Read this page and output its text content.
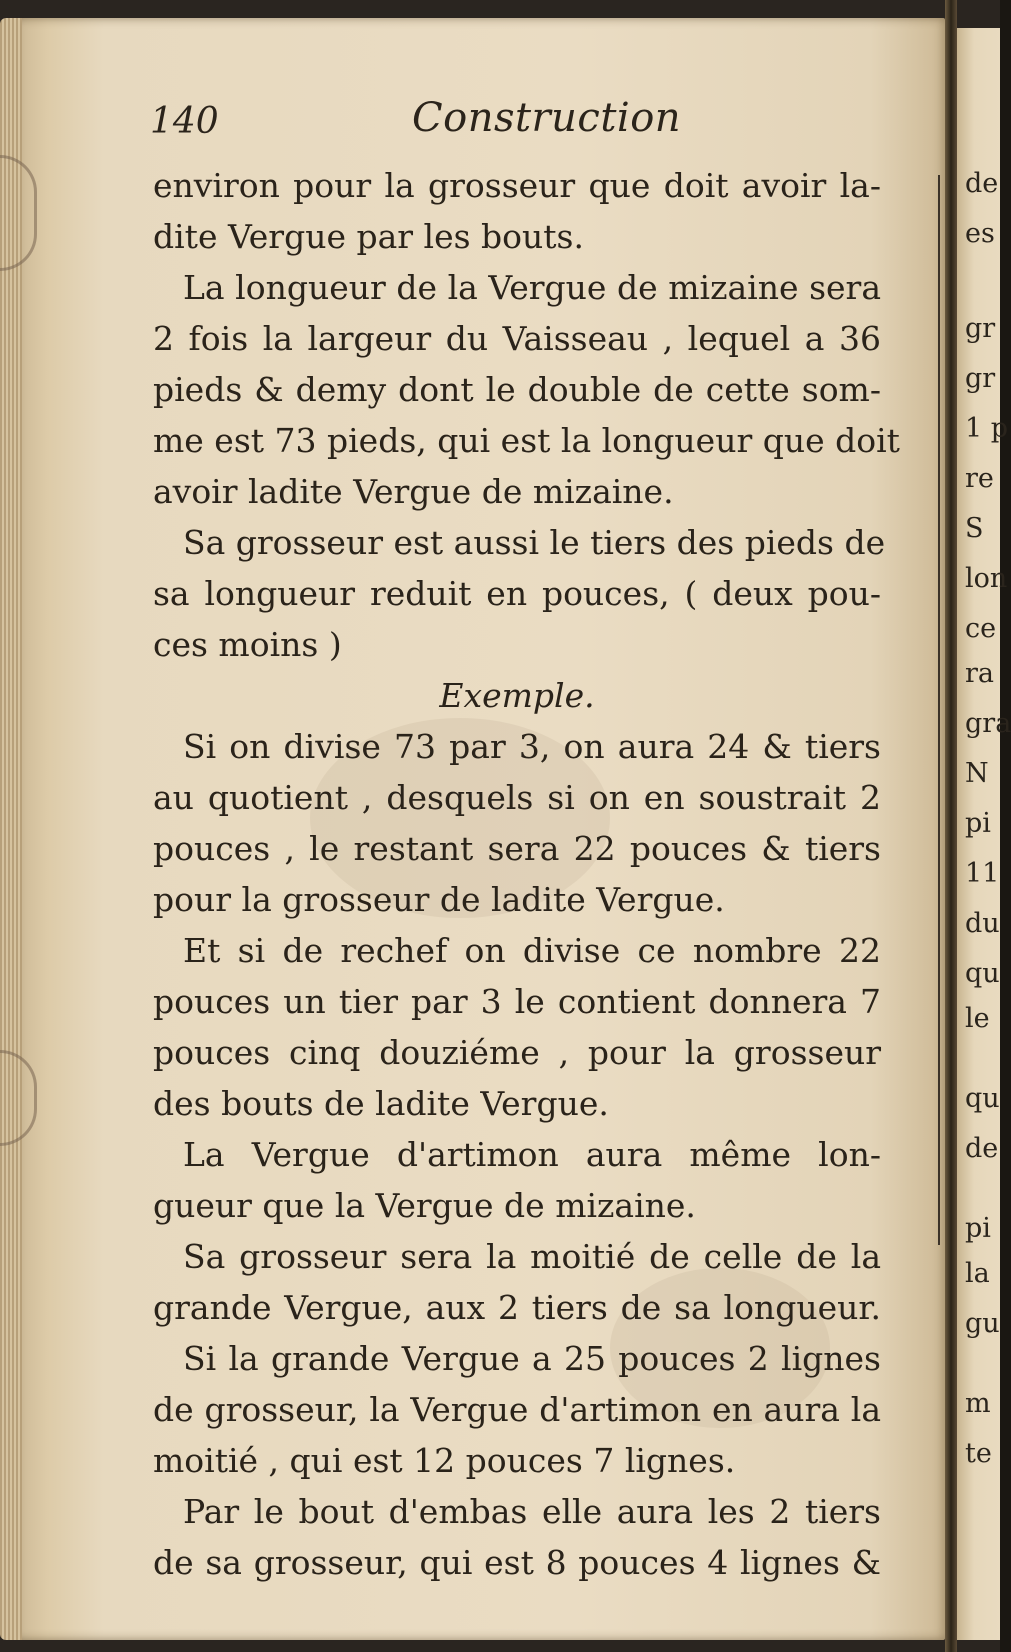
de
es
gr
gr
1 p
re
S
lon
ce
ra
gra
N
pi
11
du
qu
le
qu
de
pi
la
gu
m
te
140	Construction
environ pour la grosseur que doit avoir la-
dite Vergue par les bouts.
La longueur de la Vergue de mizaine sera
2 fois la largeur du Vaisseau , lequel a 36
pieds & demy dont le double de cette som-
me est 73 pieds, qui est la longueur que doit
avoir ladite Vergue de mizaine.
Sa grosseur est aussi le tiers des pieds de
sa longueur reduit en pouces, ( deux pou-
ces moins )
Exemple.
Si on divise 73 par 3, on aura 24 & tiers
au quotient , desquels si on en soustrait 2
pouces , le restant sera 22 pouces & tiers
pour la grosseur de ladite Vergue.
Et si de rechef on divise ce nombre 22
pouces un tier par 3 le contient donnera 7
pouces cinq douziéme , pour la grosseur
des bouts de ladite Vergue.
La Vergue d'artimon aura même lon-
gueur que la Vergue de mizaine.
Sa grosseur sera la moitié de celle de la
grande Vergue, aux 2 tiers de sa longueur.
Si la grande Vergue a 25 pouces 2 lignes
de grosseur, la Vergue d'artimon en aura la
moitié , qui est 12 pouces 7 lignes.
Par le bout d'embas elle aura les 2 tiers
de sa grosseur, qui est 8 pouces 4 lignes &
